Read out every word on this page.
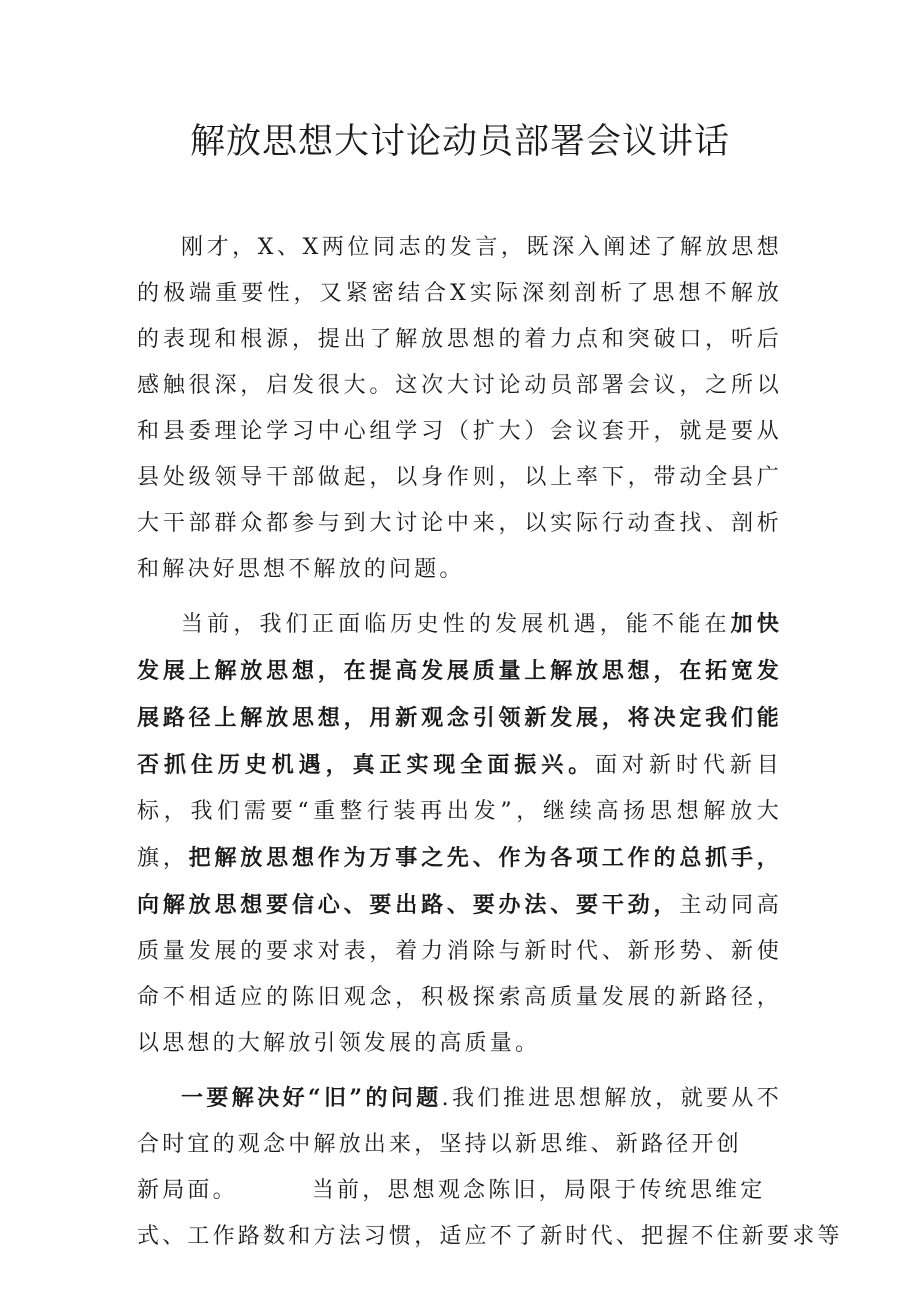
解放思想大讨论动员部署会议讲话

刚才，X、X两位同志的发言，既深入阐述了解放思想的极端重要性，又紧密结合X实际深刻剖析了思想不解放的表现和根源，提出了解放思想的着力点和突破口，听后感触很深，启发很大。这次大讨论动员部署会议，之所以和县委理论学习中心组学习（扩大）会议套开，就是要从县处级领导干部做起，以身作则，以上率下，带动全县广大干部群众都参与到大讨论中来，以实际行动查找、剖析和解决好思想不解放的问题。

当前，我们正面临历史性的发展机遇，能不能在加快发展上解放思想，在提高发展质量上解放思想，在拓宽发展路径上解放思想，用新观念引领新发展，将决定我们能否抓住历史机遇，真正实现全面振兴。面对新时代新目标，我们需要“重整行装再出发”，继续高扬思想解放大旗，把解放思想作为万事之先、作为各项工作的总抓手，向解放思想要信心、要出路、要办法、要干劲，主动同高质量发展的要求对表，着力消除与新时代、新形势、新使命不相适应的陈旧观念，积极探索高质量发展的新路径，以思想的大解放引领发展的高质量。

一要解决好“旧”的问题.我们推进思想解放，就要从不合时宜的观念中解放出来，坚持以新思维、新路径开创

新局面。	当前，思想观念陈旧，局限于传统思维定
式、工作路数和方法习惯，适应不了新时代、把握不住新要求等
